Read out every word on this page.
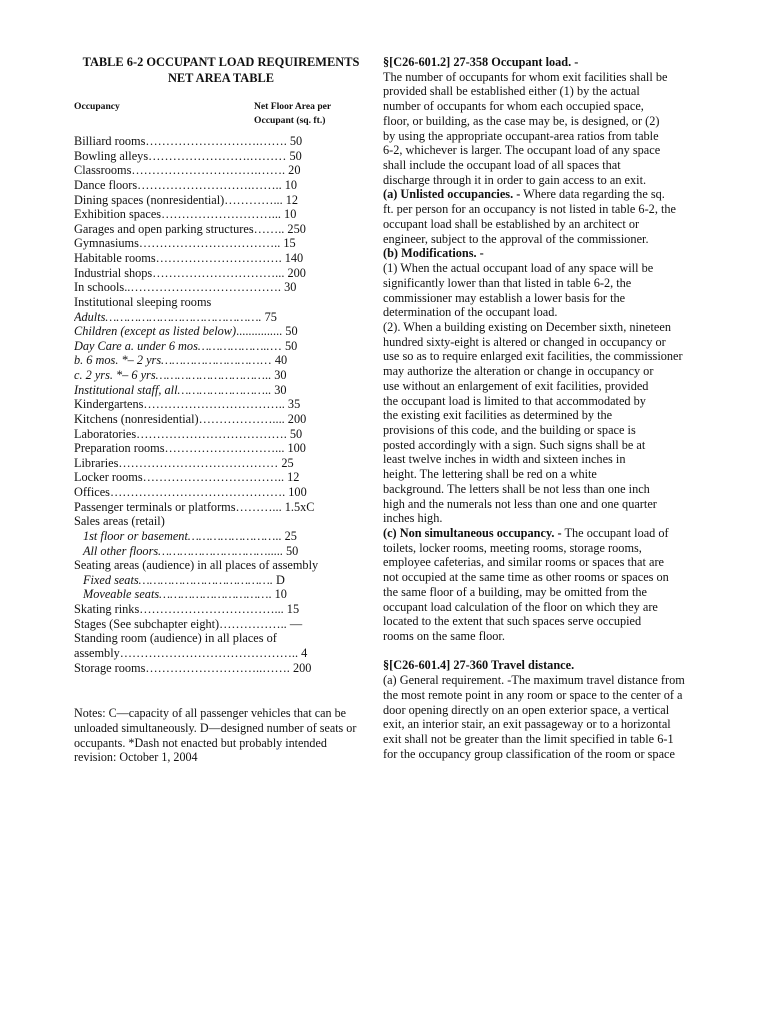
TABLE 6-2 OCCUPANT LOAD REQUIREMENTS
NET AREA TABLE
Occupancy	Net Floor Area per
Occupant (sq. ft.)
Billiard rooms……………………….……. 50
Bowling alleys…………………….……… 50
Classrooms………………………….……. 20
Dance floors……………………….…….. 10
Dining spaces (nonresidential)…………... 12
Exhibition spaces………………………... 10
Garages and open parking structures…….. 250
Gymnasiums…………………………….. 15
Habitable rooms…………………………. 140
Industrial shops…………………………... 200
In schools..………………………………. 30
Institutional sleeping rooms
Adults……………………………………. 75
Children (except as listed below)............... 50
Day Care a. under 6 mos………………..… 50
b. 6 mos. *– 2 yrs………………………… 40
c. 2 yrs. *– 6 yrs………………………….. 30
Institutional staff, all…………………….. 30
Kindergartens…………………………….. 35
Kitchens (nonresidential)……………….... 200
Laboratories………………………………. 50
Preparation rooms………………………... 100
Libraries………………………………… 25
Locker rooms…………………………….. 12
Offices……………………………………. 100
Passenger terminals or platforms………... 1.5xC
Sales areas (retail)
1st floor or basement…………………….. 25
All other floors…………………………..... 50
Seating areas (audience) in all places of assembly
Fixed seats………………………………. D
Moveable seats…………………………. 10
Skating rinks……………………………... 15
Stages (See subchapter eight)…………….. —
Standing room (audience) in all places of
assembly…………………………………….. 4
Storage rooms………………………..……. 200
Notes: C—capacity of all passenger vehicles that can be unloaded simultaneously. D—designed number of seats or occupants. *Dash not enacted but probably intended revision: October 1, 2004

§[C26-601.2] 27-358 Occupant load. -

The number of occupants for whom exit facilities shall be

provided shall be established either (1) by the actual

number of occupants for whom each occupied space,

floor, or building, as the case may be, is designed, or (2)

by using the appropriate occupant-area ratios from table

6-2, whichever is larger. The occupant load of any space

shall include the occupant load of all spaces that

discharge through it in order to gain access to an exit.

(a) Unlisted occupancies. - Where data regarding the sq.

ft. per person for an occupancy is not listed in table 6-2, the

occupant load shall be established by an architect or

engineer, subject to the approval of the commissioner.

(b) Modifications. -

(1) When the actual occupant load of any space will be

significantly lower than that listed in table 6-2, the

commissioner may establish a lower basis for the

determination of the occupant load.

(2). When a building existing on December sixth, nineteen

hundred sixty-eight is altered or changed in occupancy or

use so as to require enlarged exit facilities, the commissioner

may authorize the alteration or change in occupancy or

use without an enlargement of exit facilities, provided

the occupant load is limited to that accommodated by

the existing exit facilities as determined by the

provisions of this code, and the building or space is

posted accordingly with a sign. Such signs shall be at

least twelve inches in width and sixteen inches in

height. The lettering shall be red on a white

background. The letters shall be not less than one inch

high and the numerals not less than one and one quarter

inches high.

(c) Non simultaneous occupancy. - The occupant load of

toilets, locker rooms, meeting rooms, storage rooms,

employee cafeterias, and similar rooms or spaces that are

not occupied at the same time as other rooms or spaces on

the same floor of a building, may be omitted from the

occupant load calculation of the floor on which they are

located to the extent that such spaces serve occupied

rooms on the same floor.

§[C26-601.4] 27-360 Travel distance.

(a) General requirement. -The maximum travel distance from

the most remote point in any room or space to the center of a

door opening directly on an open exterior space, a vertical

exit, an interior stair, an exit passageway or to a horizontal

exit shall not be greater than the limit specified in table 6-1

for the occupancy group classification of the room or space
